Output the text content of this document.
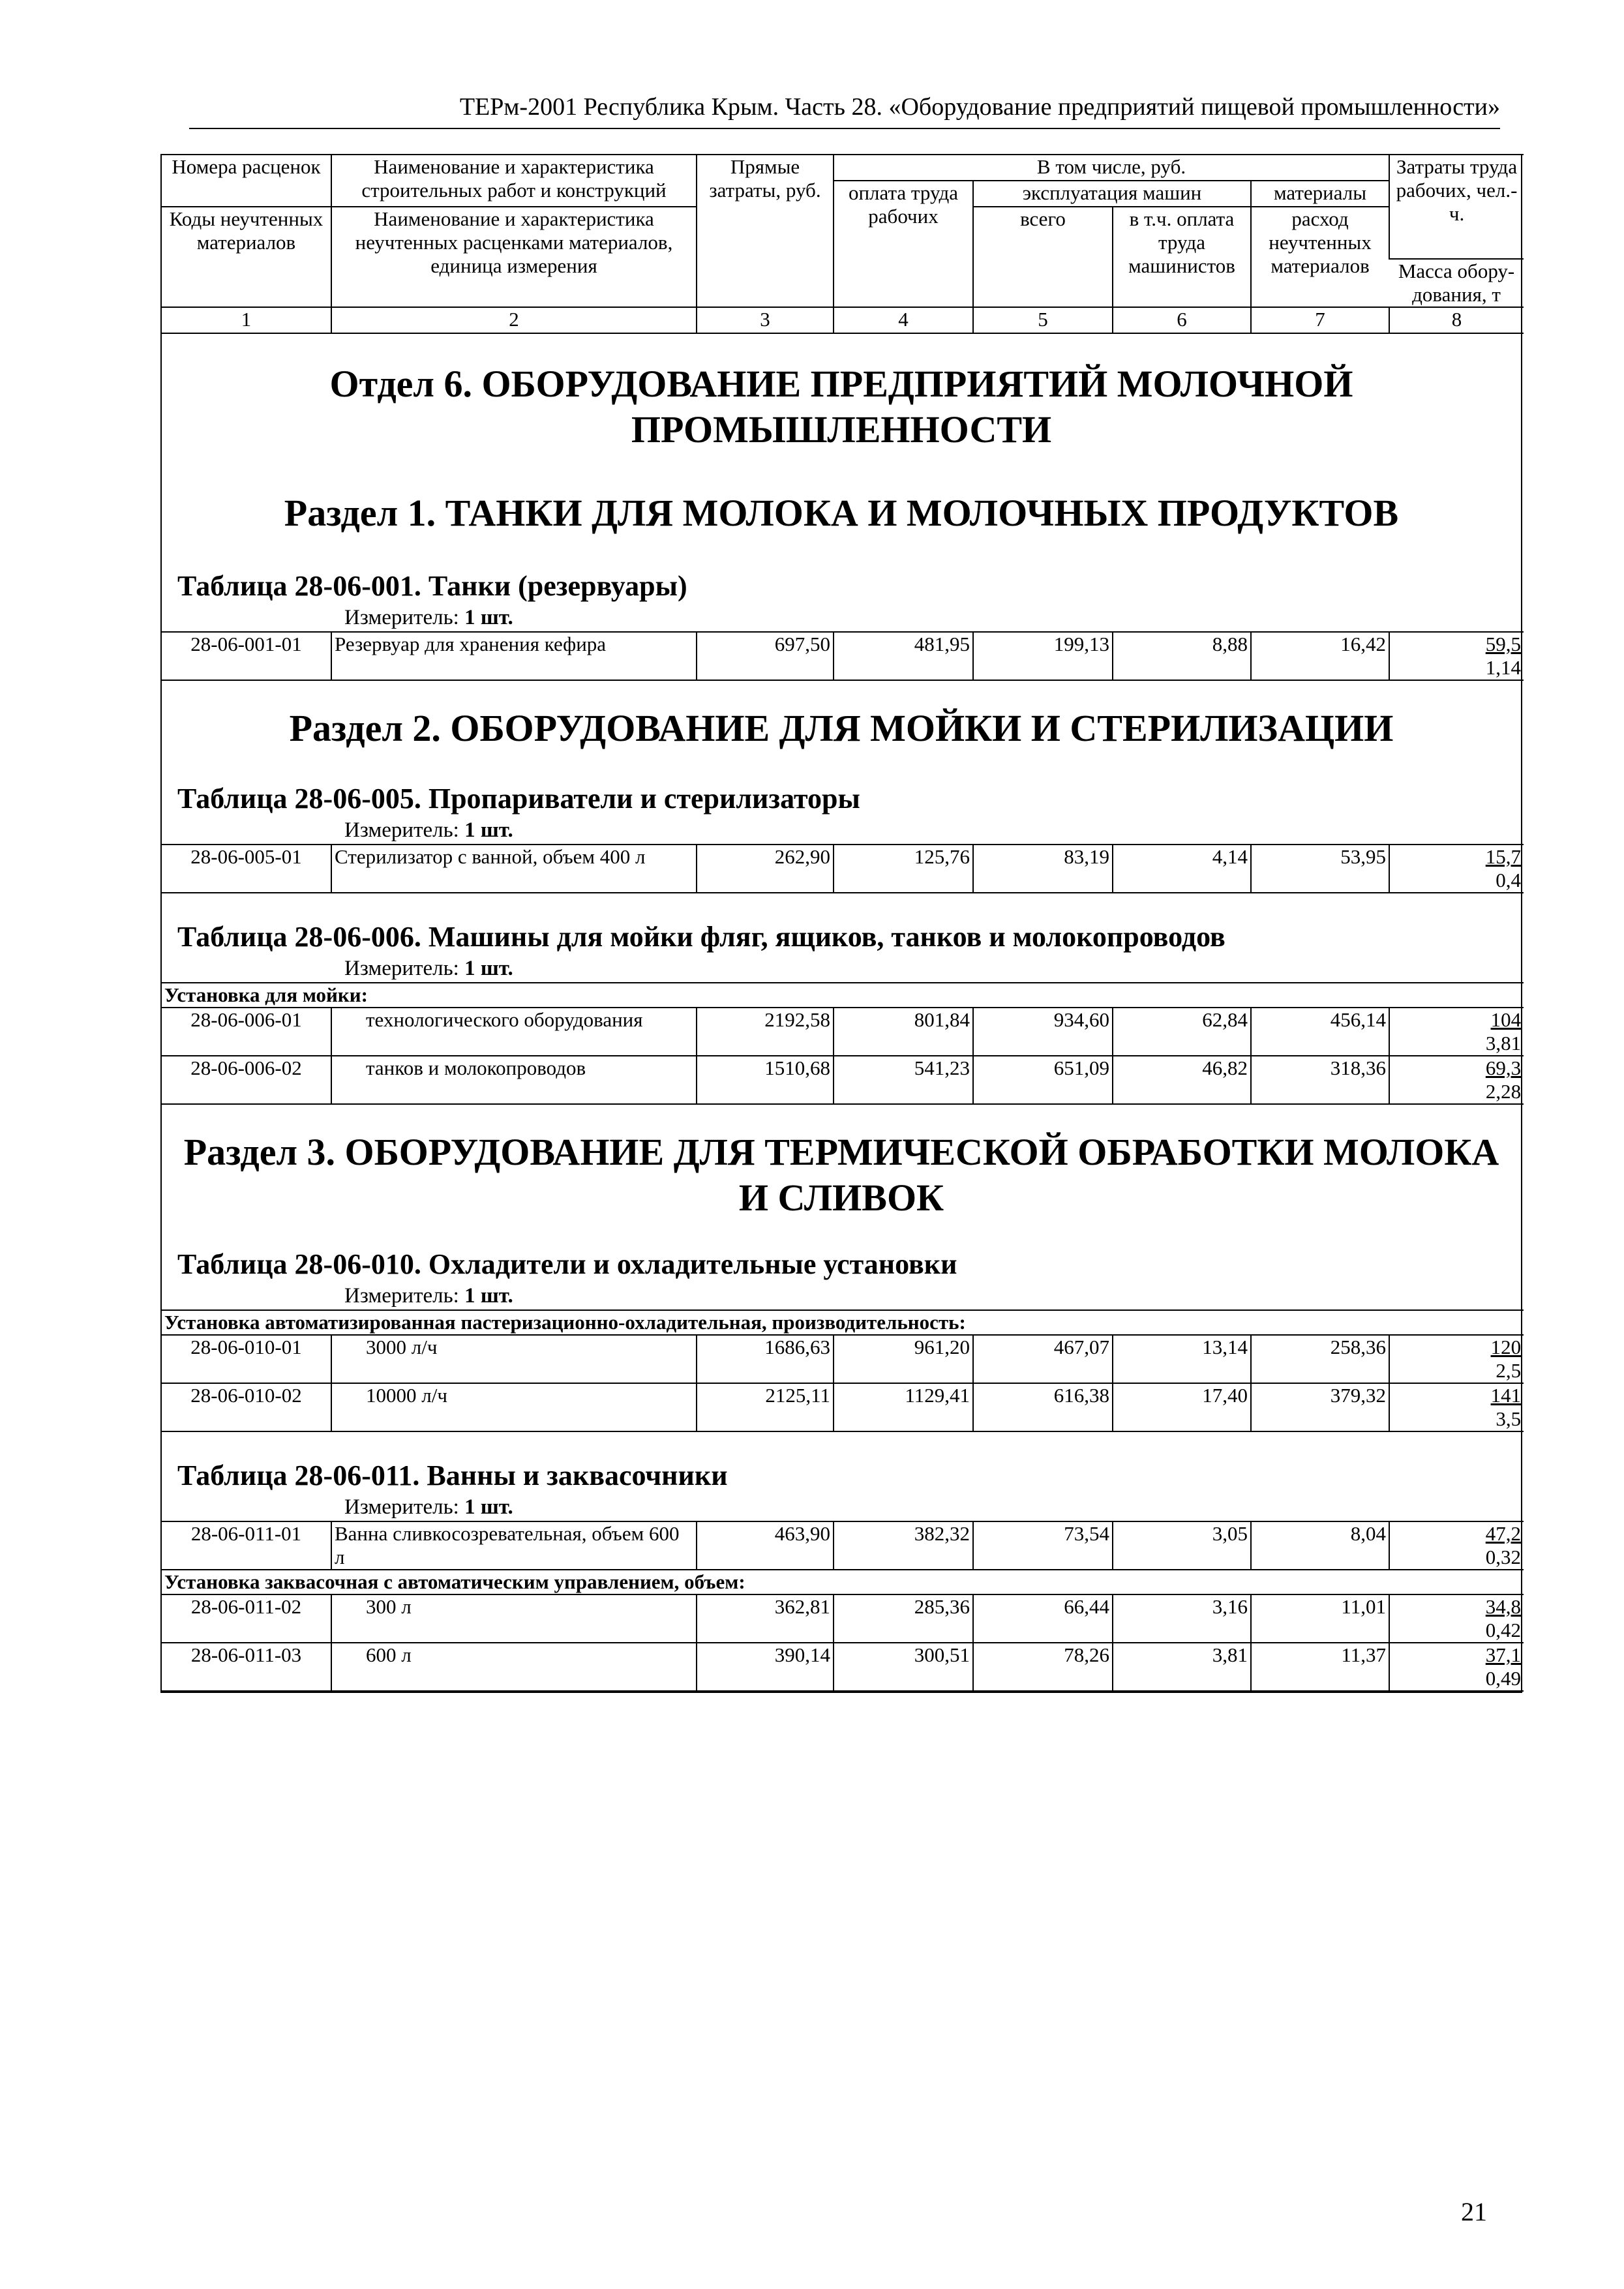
ТЕРм-2001 Республика Крым. Часть 28. «Оборудование предприятий пищевой промышленности»
Номера расценок	Наименование и характеристика строительных работ и конструкций	Прямые затраты, руб.	В том числе, руб.				Затраты труда рабочих, чел.-ч.
			оплата труда рабочих	эксплуатация машин		материалы	
Коды неучтенных материалов	Наименование и характеристика неучтенных расценками материалов, единица измерения			всего	в т.ч. оплата труда машинистов	расход неучтенных материалов	
							Масса обору-дования, т
1	2	3	4	5	6	7	8
Отдел 6. ОБОРУДОВАНИЕ ПРЕДПРИЯТИЙ МОЛОЧНОЙ ПРОМЫШЛЕННОСТИ
Раздел 1. ТАНКИ ДЛЯ МОЛОКА И МОЛОЧНЫХ ПРОДУКТОВ
Таблица 28-06-001. Танки (резервуары)
Измеритель: 1 шт.
28-06-001-01	Резервуар для хранения кефира	697,50	481,95	199,13	8,88	16,42	59,5
1,14
Раздел 2. ОБОРУДОВАНИЕ ДЛЯ МОЙКИ И СТЕРИЛИЗАЦИИ
Таблица 28-06-005. Пропариватели и стерилизаторы
Измеритель: 1 шт.
28-06-005-01	Стерилизатор с ванной, объем 400 л	262,90	125,76	83,19	4,14	53,95	15,7
0,4
Таблица 28-06-006. Машины для мойки фляг, ящиков, танков и молокопроводов
Измеритель: 1 шт.
Установка для мойки:							
28-06-006-01	технологического оборудования	2192,58	801,84	934,60	62,84	456,14	104
3,81
28-06-006-02	танков и молокопроводов	1510,68	541,23	651,09	46,82	318,36	69,3
2,28
Раздел 3. ОБОРУДОВАНИЕ ДЛЯ ТЕРМИЧЕСКОЙ ОБРАБОТКИ МОЛОКА И СЛИВОК
Таблица 28-06-010. Охладители и охладительные установки
Измеритель: 1 шт.
Установка автоматизированная пастеризационно-охладительная, производительность:							
28-06-010-01	3000 л/ч	1686,63	961,20	467,07	13,14	258,36	120
2,5
28-06-010-02	10000 л/ч	2125,11	1129,41	616,38	17,40	379,32	141
3,5
Таблица 28-06-011. Ванны и заквасочники
Измеритель: 1 шт.
28-06-011-01	Ванна сливкосозревательная, объем 600 л	463,90	382,32	73,54	3,05	8,04	47,2
0,32
Установка заквасочная с автоматическим управлением, объем:							
28-06-011-02	300 л	362,81	285,36	66,44	3,16	11,01	34,8
0,42
28-06-011-03	600 л	390,14	300,51	78,26	3,81	11,37	37,1
0,49
21
